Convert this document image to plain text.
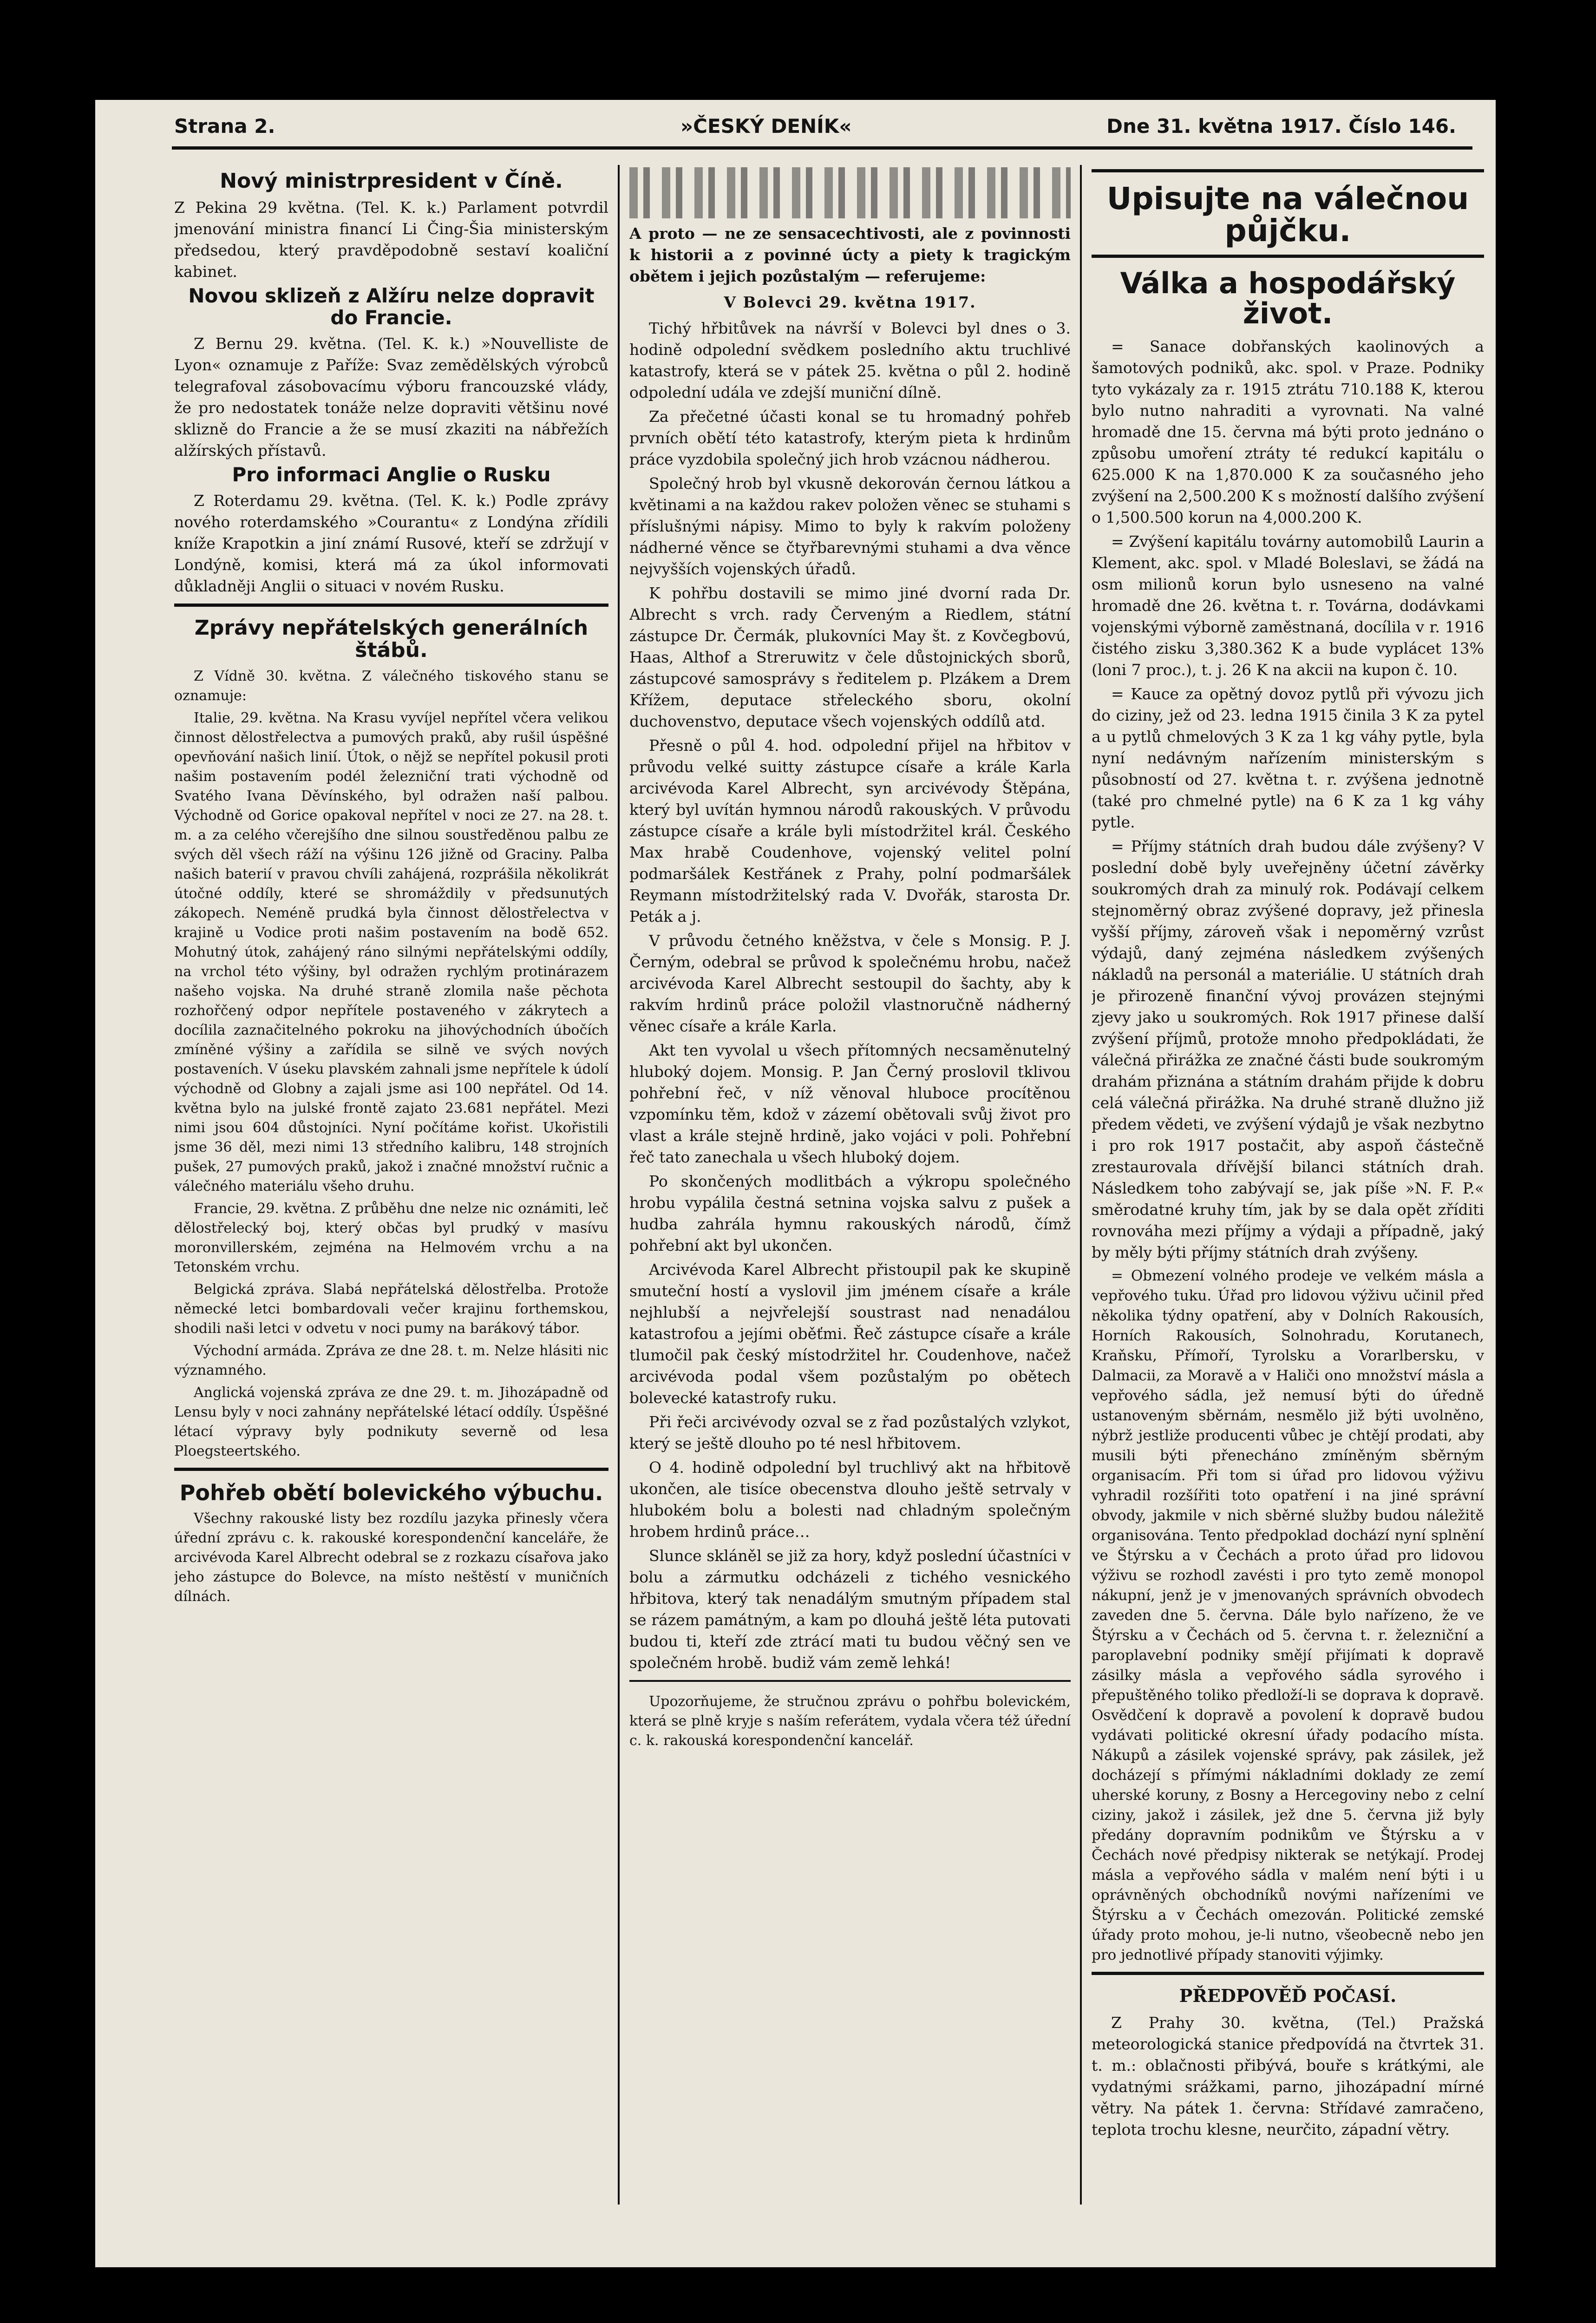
Strana 2.	»ČESKÝ DENÍK«	Dne 31. května 1917. Číslo 146.
Nový ministrpresident v Číně.

Z Pekina 29 května. (Tel. K. k.) Parlament potvrdil jmenování ministra financí Li Čing-Šia ministerským předsedou, který pravděpodobně sestaví koaliční kabinet.

Novou sklizeň z Alžíru nelze dopravit do Francie.

Z Bernu 29. května. (Tel. K. k.) »Nouvelliste de Lyon« oznamuje z Paříže: Svaz zemědělských výrobců telegrafoval zásobovacímu výboru francouzské vlády, že pro nedostatek tonáže nelze dopraviti většinu nové sklizně do Francie a že se musí zkaziti na nábřežích alžírských přístavů.

Pro informaci Anglie o Rusku

Z Roterdamu 29. května. (Tel. K. k.) Podle zprávy nového roterdamského »Courantu« z Londýna zřídili kníže Krapotkin a jiní známí Rusové, kteří se zdržují v Londýně, komisi, která má za úkol informovati důkladněji Anglii o situaci v novém Rusku.

Zprávy nepřátelských generálních štábů.

Z Vídně 30. května. Z válečného tiskového stanu se oznamuje:

Italie, 29. května. Na Krasu vyvíjel nepřítel včera velikou činnost dělostřelectva a pumových praků, aby rušil úspěšné opevňování našich linií. Útok, o nějž se nepřítel pokusil proti našim postavením podél železniční trati východně od Svatého Ivana Děvínského, byl odražen naší palbou. Východně od Gorice opakoval nepřítel v noci ze 27. na 28. t. m. a za celého včerejšího dne silnou soustředěnou palbu ze svých děl všech ráží na výšinu 126 jižně od Graciny. Palba našich baterií v pravou chvíli zahájená, rozprášila několikrát útočné oddíly, které se shromáždily v předsunutých zákopech. Neméně prudká byla činnost dělostřelectva v krajině u Vodice proti našim postavením na bodě 652. Mohutný útok, zahájený ráno silnými nepřátelskými oddíly, na vrchol této výšiny, byl odražen rychlým protinárazem našeho vojska. Na druhé straně zlomila naše pěchota rozhořčený odpor nepřítele postaveného v zákrytech a docílila zaznačitelného pokroku na jihovýchodních úbočích zmíněné výšiny a zařídila se silně ve svých nových postaveních. V úseku plavském zahnali jsme nepřítele k údolí východně od Globny a zajali jsme asi 100 nepřátel. Od 14. května bylo na julské frontě zajato 23.681 nepřátel. Mezi nimi jsou 604 důstojníci. Nyní počítáme kořist. Ukořistili jsme 36 děl, mezi nimi 13 středního kalibru, 148 strojních pušek, 27 pumových praků, jakož i značné množství ručnic a válečného materiálu všeho druhu.

Francie, 29. května. Z průběhu dne nelze nic oznámiti, leč dělostřelecký boj, který občas byl prudký v masívu moronvillerském, zejména na Helmovém vrchu a na Tetonském vrchu.

Belgická zpráva. Slabá nepřátelská dělostřelba. Protože německé letci bombardovali večer krajinu forthemskou, shodili naši letci v odvetu v noci pumy na barákový tábor.

Východní armáda. Zpráva ze dne 28. t. m. Nelze hlásiti nic významného.

Anglická vojenská zpráva ze dne 29. t. m. Jihozápadně od Lensu byly v noci zahnány nepřátelské létací oddíly. Úspěšné létací výpravy byly podnikuty severně od lesa Ploegsteertského.

Pohřeb obětí bolevického výbuchu.

Všechny rakouské listy bez rozdílu jazyka přinesly včera úřední zprávu c. k. rakouské korespondenční kanceláře, že arcivévoda Karel Albrecht odebral se z rozkazu císařova jako jeho zástupce do Bolevce, na místo neštěstí v muničních dílnách.

A proto — ne ze sensacechtivosti, ale z povinnosti k historii a z povinné úcty a piety k tragickým obětem i jejich pozůstalým — referujeme:

V Bolevci 29. května 1917.

Tichý hřbitůvek na návrší v Bolevci byl dnes o 3. hodině odpolední svědkem posledního aktu truchlivé katastrofy, která se v pátek 25. května o půl 2. hodině odpolední udála ve zdejší muniční dílně.

Za přečetné účasti konal se tu hromadný pohřeb prvních obětí této katastrofy, kterým pieta k hrdinům práce vyzdobila společný jich hrob vzácnou nádherou.

Společný hrob byl vkusně dekorován černou látkou a květinami a na každou rakev položen věnec se stuhami s příslušnými nápisy. Mimo to byly k rakvím položeny nádherné věnce se čtyřbarevnými stuhami a dva věnce nejvyšších vojenských úřadů.

K pohřbu dostavili se mimo jiné dvorní rada Dr. Albrecht s vrch. rady Červeným a Riedlem, státní zástupce Dr. Čermák, plukovníci May št. z Kovčegbovú, Haas, Althof a Streruwitz v čele důstojnických sborů, zástupcové samosprávy s ředitelem p. Plzákem a Drem Křížem, deputace střeleckého sboru, okolní duchovenstvo, deputace všech vojenských oddílů atd.

Přesně o půl 4. hod. odpolední přijel na hřbitov v průvodu velké suitty zástupce císaře a krále Karla arcivévoda Karel Albrecht, syn arcivévody Štěpána, který byl uvítán hymnou národů rakouských. V průvodu zástupce císaře a krále byli místodržitel král. Českého Max hrabě Coudenhove, vojenský velitel polní podmaršálek Kestřánek z Prahy, polní podmaršálek Reymann místodržitelský rada V. Dvořák, starosta Dr. Peták a j.

V průvodu četného kněžstva, v čele s Monsig. P. J. Černým, odebral se průvod k společnému hrobu, načež arcivévoda Karel Albrecht sestoupil do šachty, aby k rakvím hrdinů práce položil vlastnoručně nádherný věnec císaře a krále Karla.

Akt ten vyvolal u všech přítomných necsaměnutelný hluboký dojem. Monsig. P. Jan Černý proslovil tklivou pohřební řeč, v níž věnoval hluboce procítěnou vzpomínku těm, kdož v zázemí obětovali svůj život pro vlast a krále stejně hrdině, jako vojáci v poli. Pohřební řeč tato zanechala u všech hluboký dojem.

Po skončených modlitbách a výkropu společného hrobu vypálila čestná setnina vojska salvu z pušek a hudba zahrála hymnu rakouských národů, čímž pohřební akt byl ukončen.

Arcivévoda Karel Albrecht přistoupil pak ke skupině smuteční hostí a vyslovil jim jménem císaře a krále nejhlubší a nejvřelejší soustrast nad nenadálou katastrofou a jejími oběťmi. Řeč zástupce císaře a krále tlumočil pak český místodržitel hr. Coudenhove, načež arcivévoda podal všem pozůstalým po obětech bolevecké katastrofy ruku.

Při řeči arcivévody ozval se z řad pozůstalých vzlykot, který se ještě dlouho po té nesl hřbitovem.

O 4. hodině odpolední byl truchlivý akt na hřbitově ukončen, ale tisíce obecenstva dlouho ještě setrvaly v hlubokém bolu a bolesti nad chladným společným hrobem hrdinů práce…

Slunce skláněl se již za hory, když poslední účastníci v bolu a zármutku odcházeli z tichého vesnického hřbitova, který tak nenadálým smutným případem stal se rázem památným, a kam po dlouhá ještě léta putovati budou ti, kteří zde ztrácí mati tu budou věčný sen ve společném hrobě. budiž vám země lehká!

Upozorňujeme, že stručnou zprávu o pohřbu bolevickém, která se plně kryje s naším referátem, vydala včera též úřední c. k. rakouská korespondenční kancelář.

Upisujte na válečnou půjčku.
Válka a hospodářský život.

= Sanace dobřanských kaolinových a šamotových podniků, akc. spol. v Praze. Podniky tyto vykázaly za r. 1915 ztrátu 710.188 K, kterou bylo nutno nahraditi a vyrovnati. Na valné hromadě dne 15. června má býti proto jednáno o způsobu umoření ztráty té redukcí kapitálu o 625.000 K na 1,870.000 K za současného jeho zvýšení na 2,500.200 K s možností dalšího zvýšení o 1,500.500 korun na 4,000.200 K.

= Zvýšení kapitálu továrny automobilů Laurin a Klement, akc. spol. v Mladé Boleslavi, se žádá na osm milionů korun bylo usneseno na valné hromadě dne 26. května t. r. Továrna, dodávkami vojenskými výborně zaměstnaná, docílila v r. 1916 čistého zisku 3,380.362 K a bude vyplácet 13% (loni 7 proc.), t. j. 26 K na akcii na kupon č. 10.

= Kauce za opětný dovoz pytlů při vývozu jich do ciziny, jež od 23. ledna 1915 činila 3 K za pytel a u pytlů chmelových 3 K za 1 kg váhy pytle, byla nyní nedávným nařízením ministerským s působností od 27. května t. r. zvýšena jednotně (také pro chmelné pytle) na 6 K za 1 kg váhy pytle.

= Příjmy státních drah budou dále zvýšeny? V poslední době byly uveřejněny účetní závěrky soukromých drah za minulý rok. Podávají celkem stejnoměrný obraz zvýšené dopravy, jež přinesla vyšší příjmy, zároveň však i nepoměrný vzrůst výdajů, daný zejména následkem zvýšených nákladů na personál a materiálie. U státních drah je přirozeně finanční vývoj provázen stejnými zjevy jako u soukromých. Rok 1917 přinese další zvýšení příjmů, protože mnoho předpokládati, že válečná přirážka ze značné části bude soukromým drahám přiznána a státním drahám přijde k dobru celá válečná přirážka. Na druhé straně dlužno již předem vědeti, ve zvýšení výdajů je však nezbytno i pro rok 1917 postačit, aby aspoň částečně zrestaurovala dřívější bilanci státních drah. Následkem toho zabývají se, jak píše »N. F. P.« směrodatné kruhy tím, jak by se dala opět zříditi rovnováha mezi příjmy a výdaji a případně, jaký by měly býti příjmy státních drah zvýšeny.

= Obmezení volného prodeje ve velkém másla a vepřového tuku. Úřad pro lidovou výživu učinil před několika týdny opatření, aby v Dolních Rakousích, Horních Rakousích, Solnohradu, Korutanech, Kraňsku, Přímoří, Tyrolsku a Vorarlbersku, v Dalmacii, za Moravě a v Haliči ono množství másla a vepřového sádla, jež nemusí býti do úředně ustanoveným sběrnám, nesmělo již býti uvolněno, nýbrž jestliže producenti vůbec je chtějí prodati, aby musili býti přenecháno zmíněným sběrným organisacím. Při tom si úřad pro lidovou výživu vyhradil rozšířiti toto opatření i na jiné správní obvody, jakmile v nich sběrné služby budou náležitě organisována. Tento předpoklad dochází nyní splnění ve Štýrsku a v Čechách a proto úřad pro lidovou výživu se rozhodl zavésti i pro tyto země monopol nákupní, jenž je v jmenovaných správních obvodech zaveden dne 5. června. Dále bylo nařízeno, že ve Štýrsku a v Čechách od 5. června t. r. železniční a paroplavební podniky smějí přijímati k dopravě zásilky másla a vepřového sádla syrového i přepuštěného toliko předloží-li se doprava k dopravě. Osvědčení k dopravě a povolení k dopravě budou vydávati politické okresní úřady podacího místa. Nákupů a zásilek vojenské správy, pak zásilek, jež docházejí s přímými nákladními doklady ze zemí uherské koruny, z Bosny a Hercegoviny nebo z celní ciziny, jakož i zásilek, jež dne 5. června již byly předány dopravním podnikům ve Štýrsku a v Čechách nové předpisy nikterak se netýkají. Prodej másla a vepřového sádla v malém není býti i u oprávněných obchodníků novými nařízeními ve Štýrsku a v Čechách omezován. Politické zemské úřady proto mohou, je-li nutno, všeobecně nebo jen pro jednotlivé případy stanoviti výjimky.

PŘEDPOVĚĎ POČASÍ.

Z Prahy 30. května, (Tel.) Pražská meteorologická stanice předpovídá na čtvrtek 31. t. m.: oblačnosti přibývá, bouře s krátkými, ale vydatnými srážkami, parno, jihozápadní mírné větry. Na pátek 1. června: Střídavé zamračeno, teplota trochu klesne, neurčito, západní větry.
